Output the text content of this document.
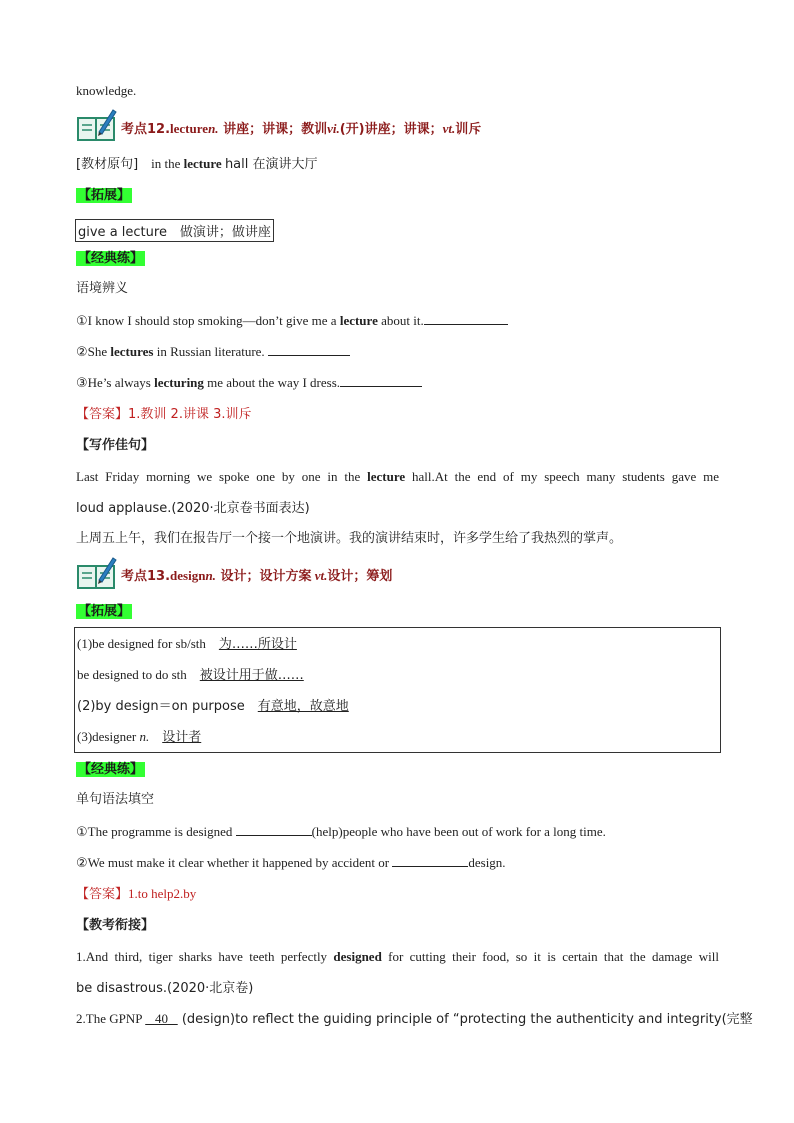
knowledge.
考点12.lecturen. 讲座；讲课；教训vi.(开)讲座；讲课；vt.训斥
[教材原句] in the lecture hall 在演讲大厅
【拓展】
give a lecture　做演讲；做讲座
【经典练】
语境辨义
①I know I should stop smoking—don’t give me a lecture about it.
②She lectures in Russian literature.
③He’s always lecturing me about the way I dress.
【答案】1.教训 2.讲课 3.训斥
【写作佳句】
Last Friday morning we spoke one by one in the lecture hall.At the end of my speech many students gave me
loud applause.(2020·北京卷书面表达)
上周五上午，我们在报告厅一个接一个地演讲。我的演讲结束时，许多学生给了我热烈的掌声。
考点13.designn. 设计；设计方案 vt.设计；筹划
【拓展】
(1)be designed for sb/sth　为……所设计
be designed to do sth　被设计用于做……
(2)by design＝on purpose　有意地，故意地
(3)designer n.　 设计者
【经典练】
单句语法填空
①The programme is designed	(help)people who have been out of work for a long time.
②We must make it clear whether it happened by accident or	design.
【答案】1.to help2.by
【教考衔接】
1.And third, tiger sharks have teeth perfectly designed for cutting their food, so it is certain that the damage will
be disastrous.(2020·北京卷)
2.The GPNP    40    (design)to reflect the guiding principle of “protecting the authenticity and integrity(完整
